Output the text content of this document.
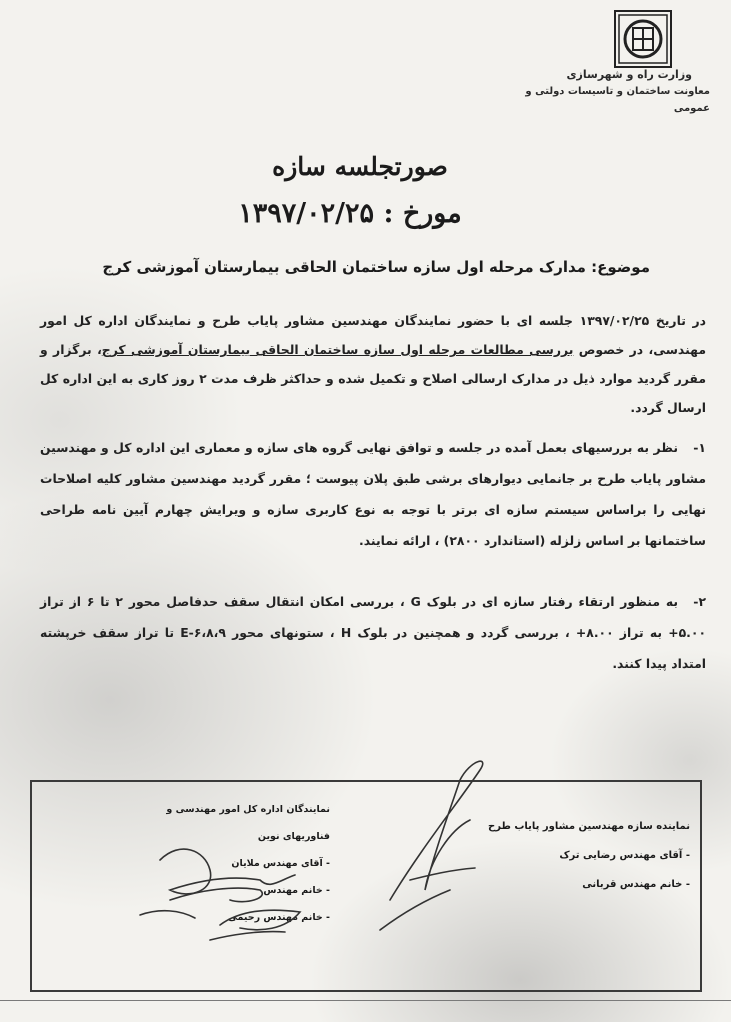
وزارت راه و شهرسازی
معاونت ساختمان و تاسیسات دولتی و عمومی
صورتجلسه سازه
مورخ : ۱۳۹۷/۰۲/۲۵
موضوع: مدارک مرحله اول سازه ساختمان الحاقی بیمارستان آموزشی کرج
در تاریخ ۱۳۹۷/۰۲/۲۵ جلسه ای با حضور نمایندگان مهندسین مشاور پایاب طرح و نمایندگان اداره کل امور مهندسی، در خصوص بررسی مطالعات مرحله اول سازه ساختمان الحاقی بیمارستان آموزشی کرج، برگزار و مقرر گردید موارد ذیل در مدارک ارسالی اصلاح و تکمیل شده و حداکثر ظرف مدت ۲ روز کاری به این اداره کل ارسال گردد.
۱-نظر به بررسیهای بعمل آمده در جلسه و توافق نهایی گروه های سازه و معماری این اداره کل و مهندسین مشاور پایاب طرح بر جانمایی دیوارهای برشی طبق پلان پیوست ؛ مقرر گردید مهندسین مشاور کلیه اصلاحات نهایی را براساس سیستم سازه ای برتر با توجه به نوع کاربری سازه و ویرایش چهارم آیین نامه طراحی ساختمانها بر اساس زلزله (استاندارد ۲۸۰۰) ، ارائه نمایند.
۲-به منظور ارتقاء رفتار سازه ای در بلوک G ، بررسی امکان انتقال سقف حدفاصل محور ۲ تا ۶ از تراز ۵.۰۰+ به تراز ۸.۰۰+ ، بررسی گردد و همچنین در بلوک H ، ستونهای محور E-۶،۸،۹ تا تراز سقف خرپشته امتداد پیدا کنند.
نماینده سازه مهندسین مشاور پایاب طرح
- آقای مهندس رضایی ترک
- خانم مهندس قربانی
نمایندگان اداره کل امور مهندسی و فناوریهای نوین
- آقای مهندس ملایان
- خانم مهندس
- خانم مهندس رحیمی
